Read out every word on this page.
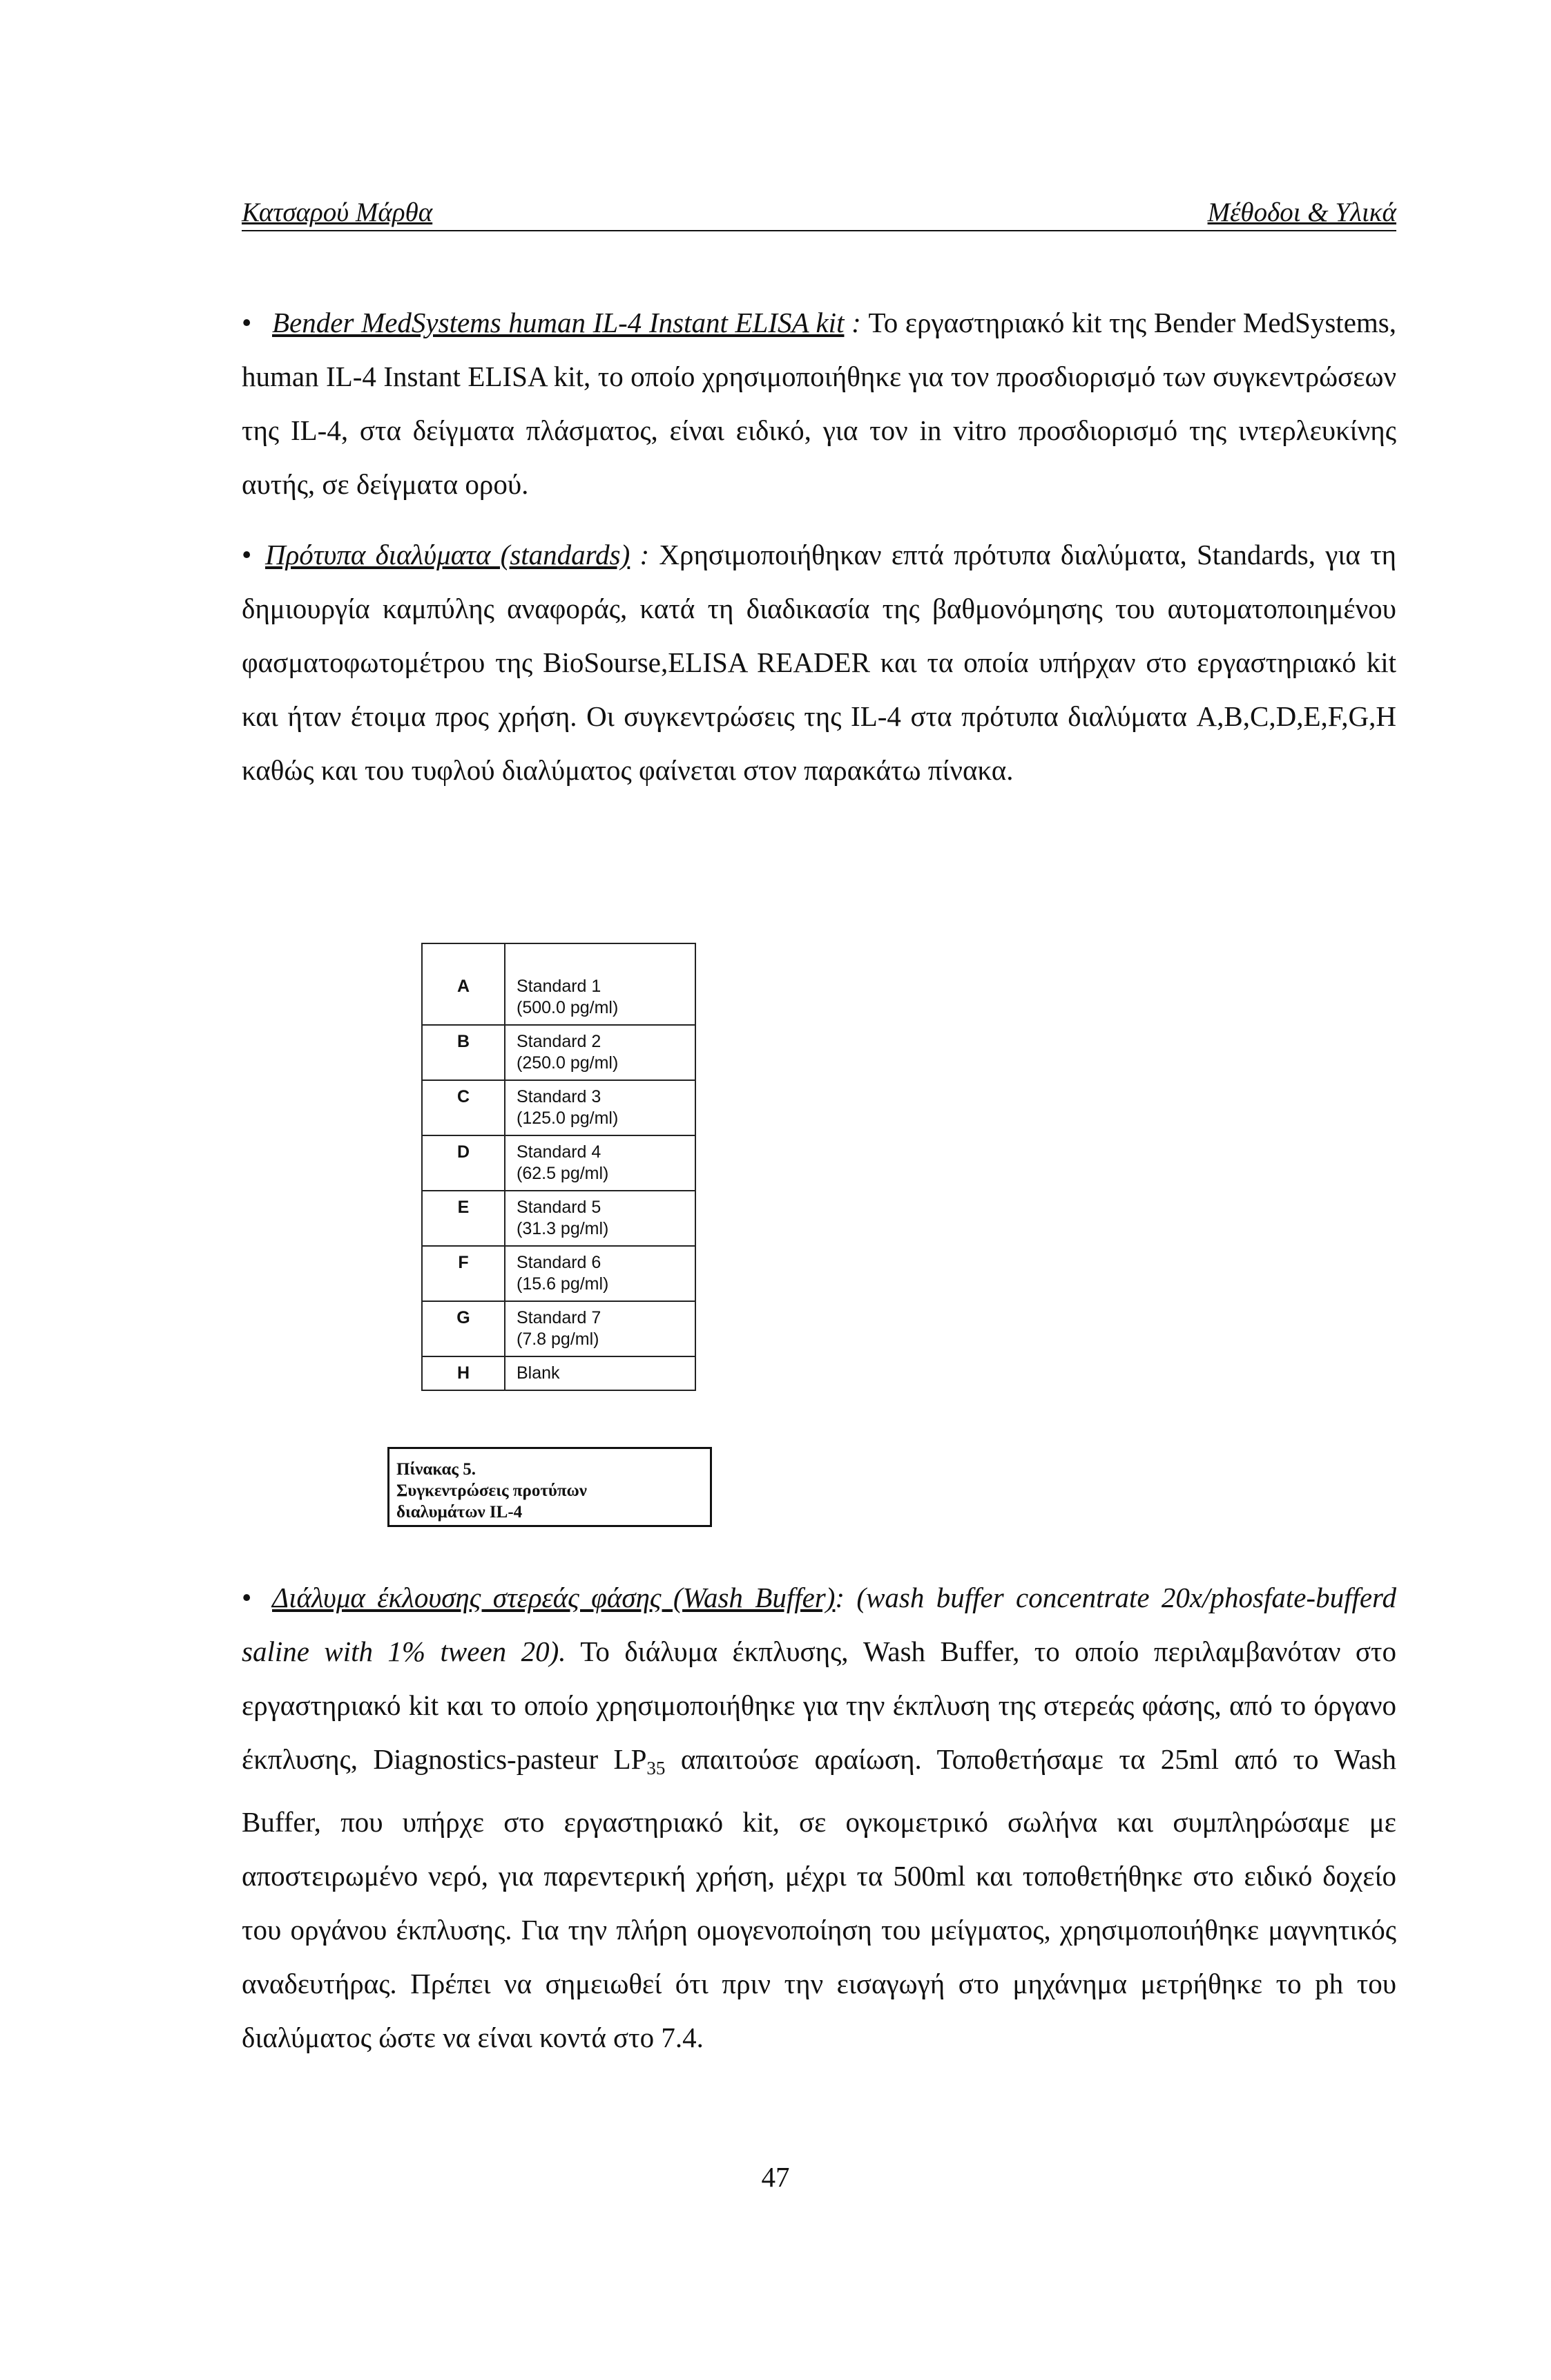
Κατσαρού Μάρθα	Μέθοδοι & Υλικά
• Bender MedSystems human IL-4 Instant ELISA kit : Το εργαστηριακό kit της Bender MedSystems, human IL-4 Instant ELISA kit, το οποίο χρησιμοποιήθηκε για τον προσδιορισμό των συγκεντρώσεων της IL-4, στα δείγματα πλάσματος, είναι ειδικό, για τον in vitro προσδιορισμό της ιντερλευκίνης αυτής, σε δείγματα ορού.
• Πρότυπα διαλύματα (standards) : Χρησιμοποιήθηκαν επτά πρότυπα διαλύματα, Standards, για τη δημιουργία καμπύλης αναφοράς, κατά τη διαδικασία της βαθμονόμησης του αυτοματοποιημένου φασματοφωτομέτρου της BioSourse,ELISA READER και τα οποία υπήρχαν στο εργαστηριακό kit και ήταν έτοιμα προς χρήση. Οι συγκεντρώσεις της IL-4 στα πρότυπα διαλύματα A,B,C,D,E,F,G,H καθώς και του τυφλού διαλύματος φαίνεται στον παρακάτω πίνακα.
A	Standard 1
(500.0 pg/ml)

B	Standard 2
(250.0 pg/ml)

C	Standard 3
(125.0 pg/ml)

D	Standard 4
(62.5 pg/ml)

E	Standard 5
(31.3 pg/ml)

F	Standard 6
(15.6 pg/ml)

G	Standard 7
(7.8 pg/ml)

H	Blank
Πίνακας 5.
Συγκεντρώσεις προτύπων
διαλυμάτων IL-4
• Διάλυμα έκλουσης στερεάς φάσης (Wash Buffer): (wash buffer concentrate 20x/phosfate-bufferd saline with 1% tween 20). Το διάλυμα έκπλυσης, Wash Buffer, το οποίο περιλαμβανόταν στο εργαστηριακό kit και το οποίο χρησιμοποιήθηκε για την έκπλυση της στερεάς φάσης, από το όργανο έκπλυσης, Diagnostics-pasteur $LP_{35}$ απαιτούσε αραίωση. Τοποθετήσαμε τα 25ml από το Wash Buffer, που υπήρχε στο εργαστηριακό kit, σε ογκομετρικό σωλήνα και συμπληρώσαμε με αποστειρωμένο νερό, για παρεντερική χρήση, μέχρι τα 500ml και τοποθετήθηκε στο ειδικό δοχείο του οργάνου έκπλυσης. Για την πλήρη ομογενοποίηση του μείγματος, χρησιμοποιήθηκε μαγνητικός αναδευτήρας. Πρέπει να σημειωθεί ότι πριν την εισαγωγή στο μηχάνημα μετρήθηκε το ph του διαλύματος ώστε να είναι κοντά στο 7.4.
47
